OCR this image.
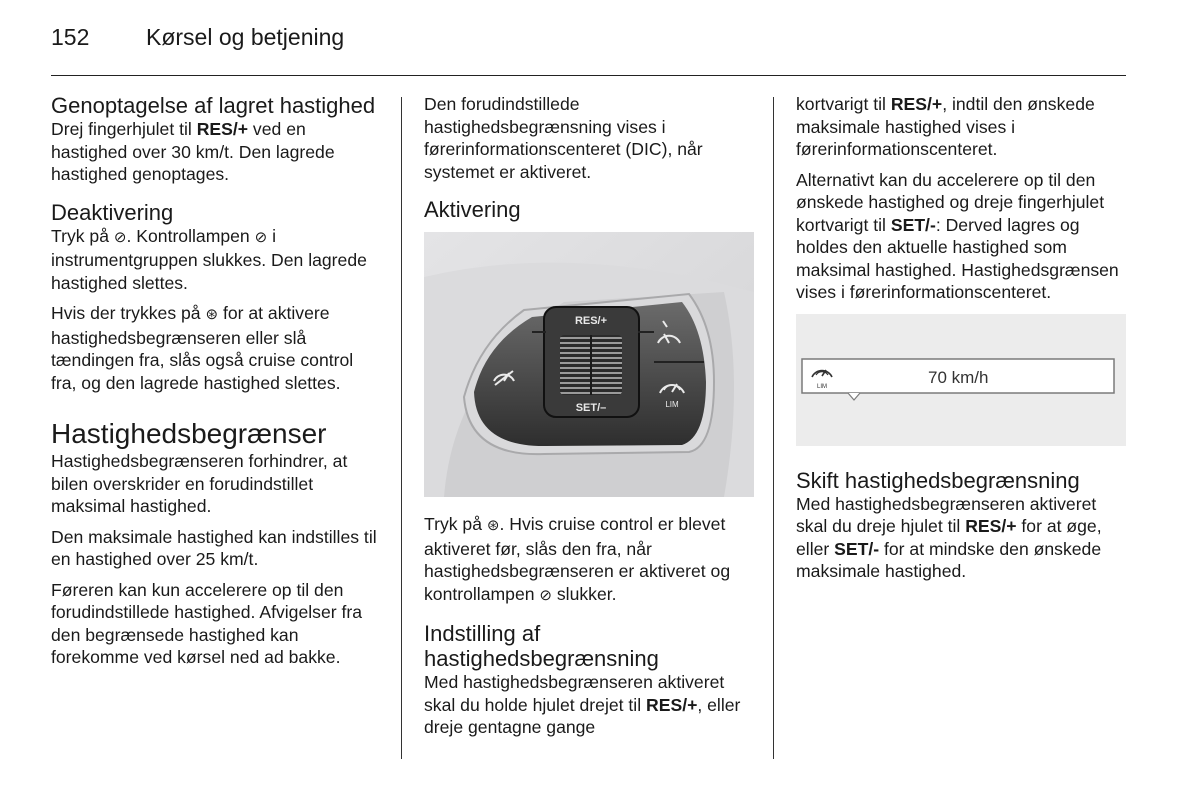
152 Kørsel og betjening
Genoptagelse af lagret hastighed

Drej fingerhjulet til RES/+ ved en hastighed over 30 km/t. Den lagrede hastighed genoptages.

Deaktivering

Tryk på ⊘. Kontrollampen ⊘ i instrumentgruppen slukkes. Den lagrede hastighed slettes.

Hvis der trykkes på ⊛ for at aktivere hastighedsbegrænseren eller slå tændingen fra, slås også cruise control fra, og den lagrede hastighed slettes.

Hastighedsbegrænser

Hastighedsbegrænseren forhindrer, at bilen overskrider en forudindstillet maksimal hastighed.

Den maksimale hastighed kan indstilles til en hastighed over 25 km/t.

Føreren kan kun accelerere op til den forudindstillede hastighed. Afvigelser fra den begrænsede hastighed kan forekomme ved kørsel ned ad bakke.

Den forudindstillede hastighedsbegrænsning vises i førerinformationscenteret (DIC), når systemet er aktiveret.

Aktivering
RES/+
SET/–	LIM

Tryk på ⊛. Hvis cruise control er blevet aktiveret før, slås den fra, når hastighedsbegrænseren er aktiveret og kontrollampen ⊘ slukker.

Indstilling af hastighedsbegrænsning

Med hastighedsbegrænseren aktiveret skal du holde hjulet drejet til RES/+, eller dreje gentagne gange

kortvarigt til RES/+, indtil den ønskede maksimale hastighed vises i førerinformationscenteret.

Alternativt kan du accelerere op til den ønskede hastighed og dreje fingerhjulet kortvarigt til SET/-: Derved lagres og holdes den aktuelle hastighed som maksimal hastighed. Hastighedsgrænsen vises i førerinformationscenteret.

LIM	70 km/h
Skift hastighedsbegrænsning

Med hastighedsbegrænseren aktiveret skal du dreje hjulet til RES/+ for at øge, eller SET/- for at mindske den ønskede maksimale hastighed.
